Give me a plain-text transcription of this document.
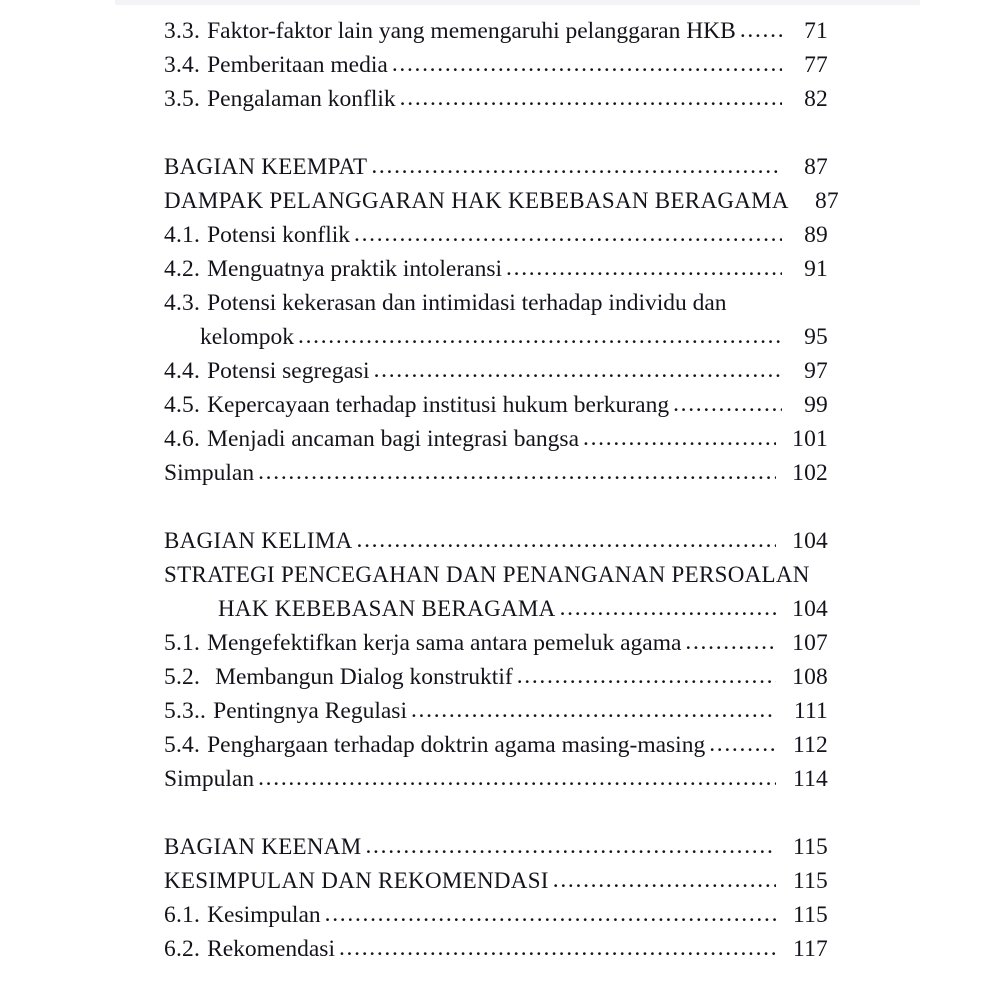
3.3. Faktor-faktor lain yang memengaruhi pelanggaran HKB .....	71
3.4. Pemberitaan media .....	77
3.5. Pengalaman konflik .....	82
BAGIAN KEEMPAT .....	87
DAMPAK PELANGGARAN HAK KEBEBASAN BERAGAMA	87
4.1. Potensi konflik .....	89
4.2. Menguatnya praktik intoleransi .....	91
4.3. Potensi kekerasan dan intimidasi terhadap individu dan
kelompok .....	95
4.4. Potensi segregasi .....	97
4.5. Kepercayaan terhadap institusi hukum berkurang .....	99
4.6. Menjadi ancaman bagi integrasi bangsa .....	101
Simpulan .....	102
BAGIAN KELIMA .....	104
STRATEGI PENCEGAHAN DAN PENANGANAN PERSOALAN
HAK KEBEBASAN BERAGAMA .....	104
5.1. Mengefektifkan kerja sama antara pemeluk agama .....	107
5.2. Membangun Dialog konstruktif .....	108
5.3.. Pentingnya Regulasi .....	111
5.4. Penghargaan terhadap doktrin agama masing-masing .....	112
Simpulan .....	114
BAGIAN KEENAM .....	115
KESIMPULAN DAN REKOMENDASI .....	115
6.1. Kesimpulan .....	115
6.2. Rekomendasi .....	117
